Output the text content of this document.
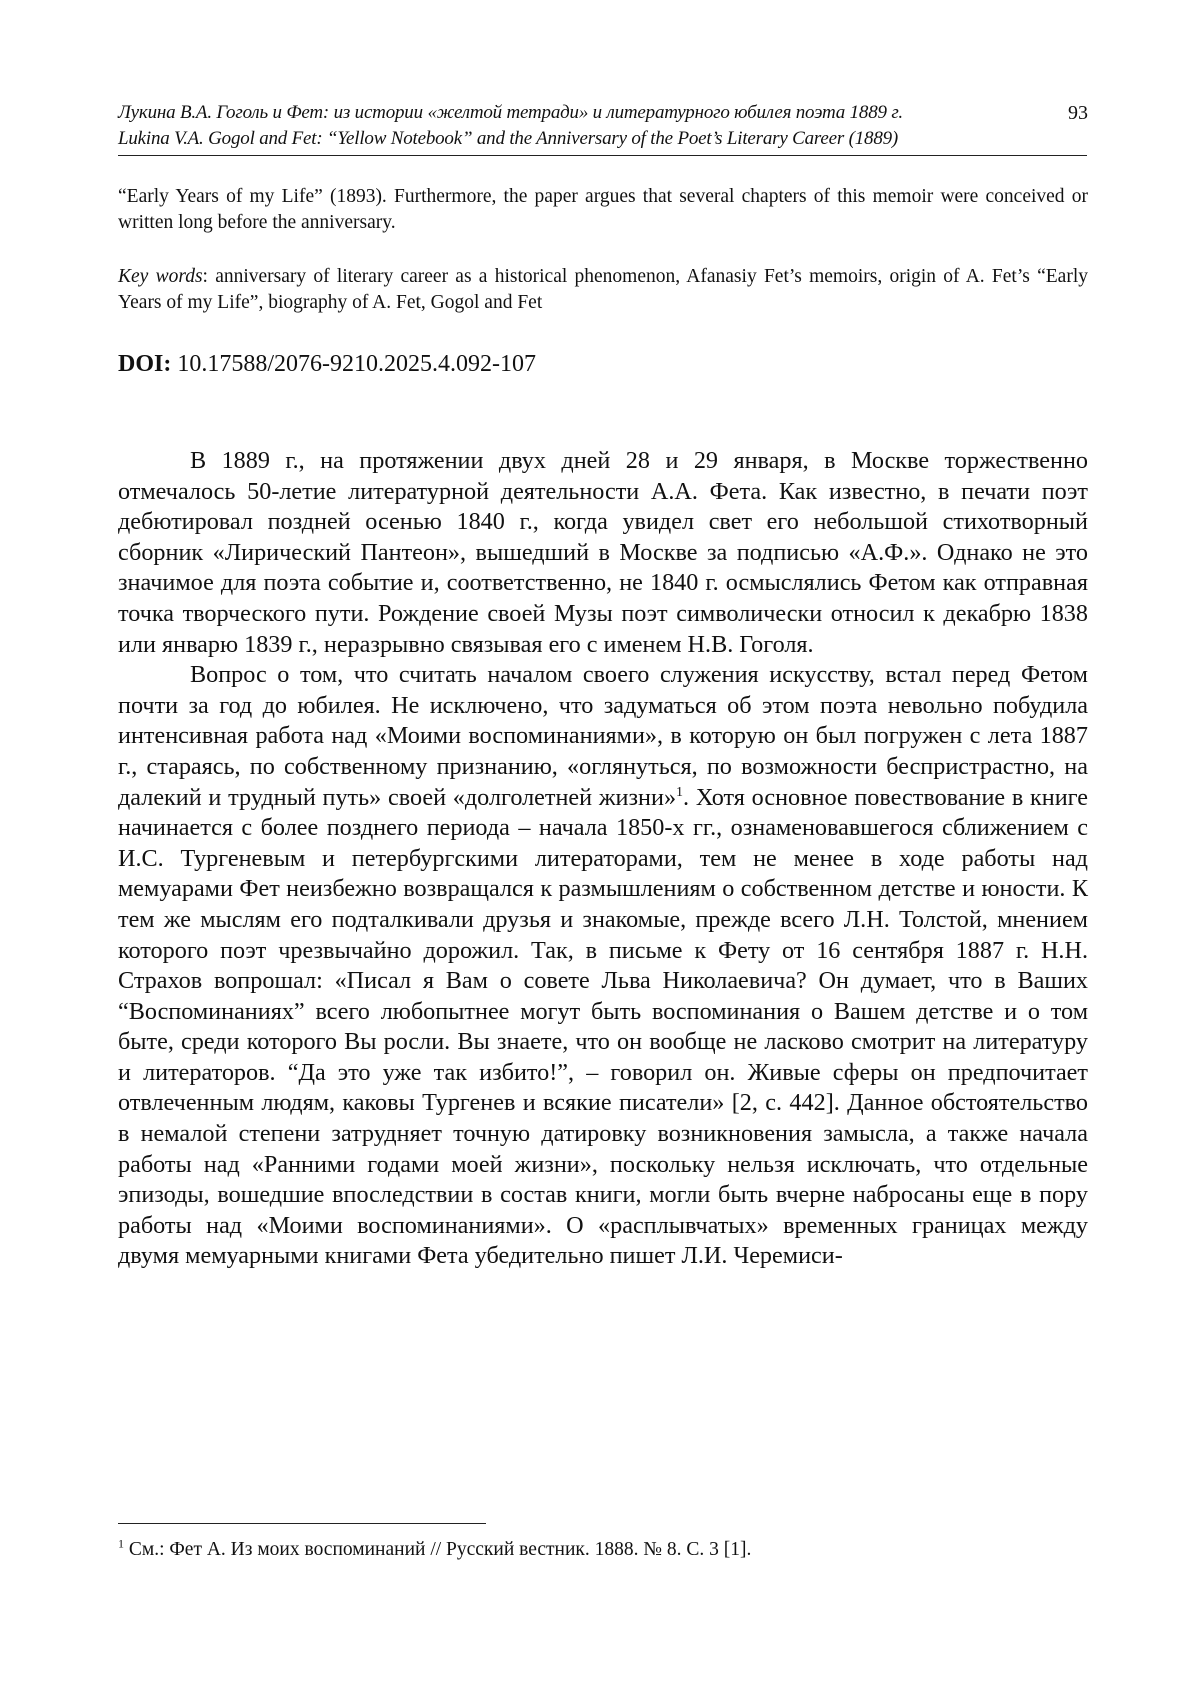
Лукина В.А. Гоголь и Фет: из истории «желтой тетради» и литературного юбилея поэта 1889 г.
Lukina V.A. Gogol and Fet: “Yellow Notebook” and the Anniversary of the Poet’s Literary Career (1889)
93
“Early Years of my Life” (1893). Furthermore, the paper argues that several chapters of this memoir were conceived or written long before the anniversary.
Key words: anniversary of literary career as a historical phenomenon, Afanasiy Fet’s memoirs, origin of A. Fet’s “Early Years of my Life”, biography of A. Fet, Gogol and Fet
DOI: 10.17588/2076-9210.2025.4.092-107

В 1889 г., на протяжении двух дней 28 и 29 января, в Москве торжественно отмечалось 50-летие литературной деятельности А.А. Фета. Как известно, в печати поэт дебютировал поздней осенью 1840 г., когда увидел свет его небольшой стихотворный сборник «Лирический Пантеон», вышедший в Москве за подписью «А.Ф.». Однако не это значимое для поэта событие и, соответственно, не 1840 г. осмыслялись Фетом как отправная точка творческого пути. Рождение своей Музы поэт символически относил к декабрю 1838 или январю 1839 г., неразрывно связывая его с именем Н.В. Гоголя.

Вопрос о том, что считать началом своего служения искусству, встал перед Фетом почти за год до юбилея. Не исключено, что задуматься об этом поэта невольно побудила интенсивная работа над «Моими воспоминаниями», в которую он был погружен с лета 1887 г., стараясь, по собственному признанию, «оглянуться, по возможности беспристрастно, на далекий и трудный путь» своей «долголетней жизни»$^1$. Хотя основное повествование в книге начинается с более позднего периода – начала 1850-х гг., ознаменовавшегося сближением с И.С. Тургеневым и петербургскими литераторами, тем не менее в ходе работы над мемуарами Фет неизбежно возвращался к размышлениям о собственном детстве и юности. К тем же мыслям его подталкивали друзья и знакомые, прежде всего Л.Н. Толстой, мнением которого поэт чрезвычайно дорожил. Так, в письме к Фету от 16 сентября 1887 г. Н.Н. Страхов вопрошал: «Писал я Вам о совете Льва Николаевича? Он думает, что в Ваших “Воспоминаниях” всего любопытнее могут быть воспоминания о Вашем детстве и о том быте, среди которого Вы росли. Вы знаете, что он вообще не ласково смотрит на литературу и литераторов. “Да это уже так избито!”, – говорил он. Живые сферы он предпочитает отвлеченным людям, каковы Тургенев и всякие писатели» [2, с. 442]. Данное обстоятельство в немалой степени затрудняет точную датировку возникновения замысла, а также начала работы над «Ранними годами моей жизни», поскольку нельзя исключать, что отдельные эпизоды, вошедшие впоследствии в состав книги, могли быть вчерне набросаны еще в пору работы над «Моими воспоминаниями». О «расплывчатых» временных границах между двумя мемуарными книгами Фета убедительно пишет Л.И. Черемиси-

$^1$ См.: Фет А. Из моих воспоминаний // Русский вестник. 1888. № 8. С. 3 [1].
